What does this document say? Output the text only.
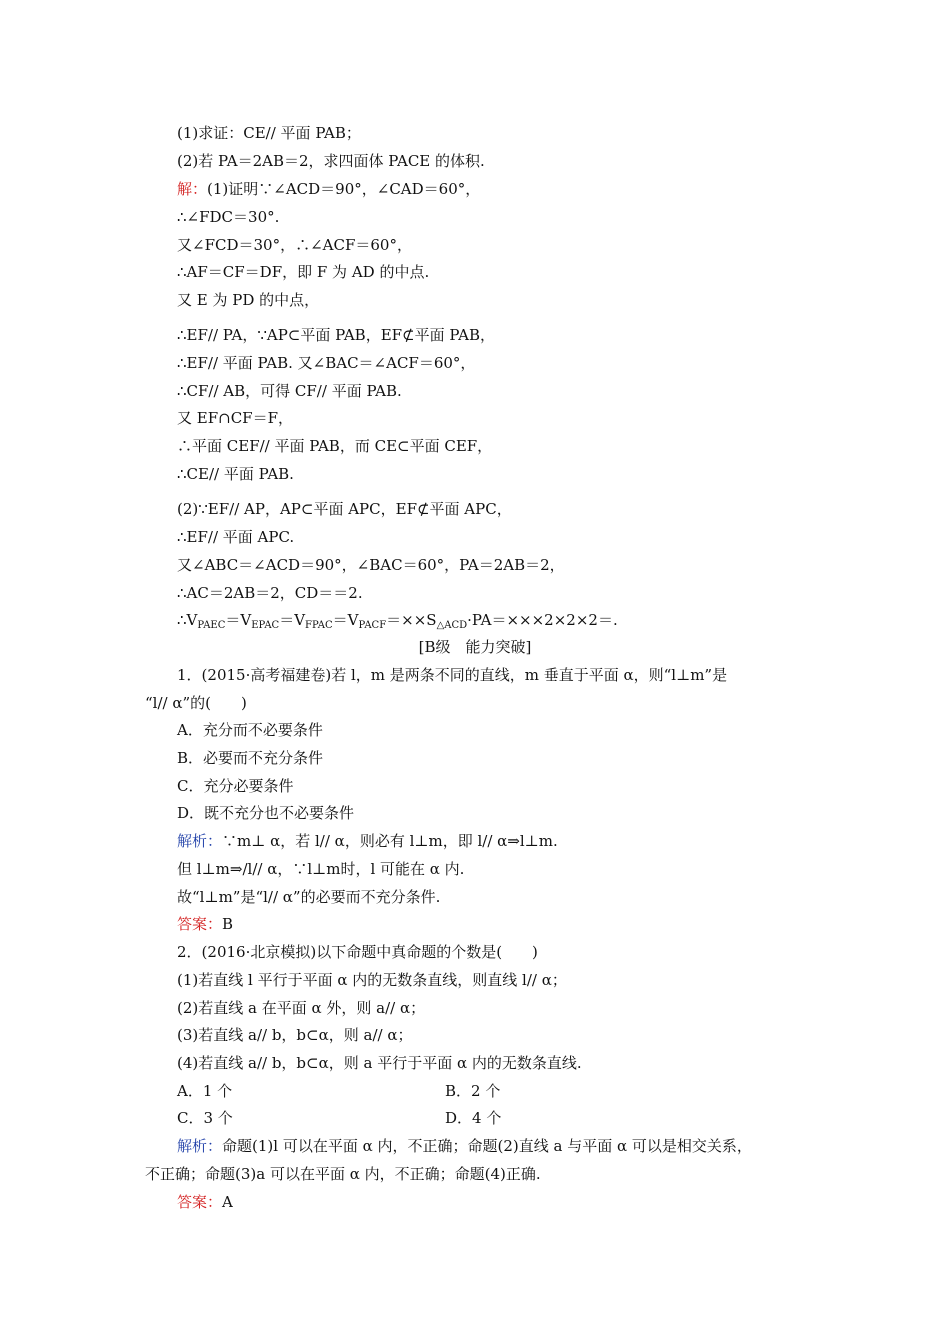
(1)求证：CE// 平面 PAB；
(2)若 PA＝2AB＝2，求四面体 PACE 的体积.
解：(1)证明∵∠ACD＝90°，∠CAD＝60°，
∴∠FDC＝30°.
又∠FCD＝30°，∴∠ACF＝60°，
∴AF＝CF＝DF，即 F 为 AD 的中点.
又 E 为 PD 的中点，
∴EF// PA，∵AP⊂平面 PAB，EF⊄平面 PAB，
∴EF// 平面 PAB. 又∠BAC＝∠ACF＝60°，
∴CF// AB，可得 CF// 平面 PAB.
又 EF∩CF＝F，
∴平面 CEF// 平面 PAB，而 CE⊂平面 CEF，
∴CE// 平面 PAB.
(2)∵EF// AP，AP⊂平面 APC，EF⊄平面 APC，
∴EF// 平面 APC.
又∠ABC＝∠ACD＝90°，∠BAC＝60°，PA＝2AB＝2，
∴AC＝2AB＝2，CD＝＝2.
$\therefore V_{PAEC}=V_{EPAC}=V_{FPAC}=V_{PACF}=\times\times S_{\triangle ACD}\cdot PA=\times\times\times 2\times 2\times 2=$.
[B级　能力突破]
1．(2015·高考福建卷)若 l，m 是两条不同的直线，m 垂直于平面 α，则“l⊥m”是
“l// α”的(　　)
A．充分而不必要条件
B．必要而不充分条件
C．充分必要条件
D．既不充分也不必要条件
解析：∵m⊥ α，若 l// α，则必有 l⊥m，即 l// α⇒l⊥m.
但 l⊥m⇒/l// α，∵l⊥m时，l 可能在 α 内.
故“l⊥m”是“l// α”的必要而不充分条件.
答案：B
2．(2016·北京模拟)以下命题中真命题的个数是(　　)
(1)若直线 l 平行于平面 α 内的无数条直线，则直线 l// α；
(2)若直线 a 在平面 α 外，则 a// α；
(3)若直线 a// b，b⊂α，则 a// α；
(4)若直线 a// b，b⊂α，则 a 平行于平面 α 内的无数条直线.
A．1 个	B．2 个
C．3 个	D．4 个
解析：命题(1)l 可以在平面 α 内，不正确；命题(2)直线 a 与平面 α 可以是相交关系，
不正确；命题(3)a 可以在平面 α 内，不正确；命题(4)正确.
答案：A
